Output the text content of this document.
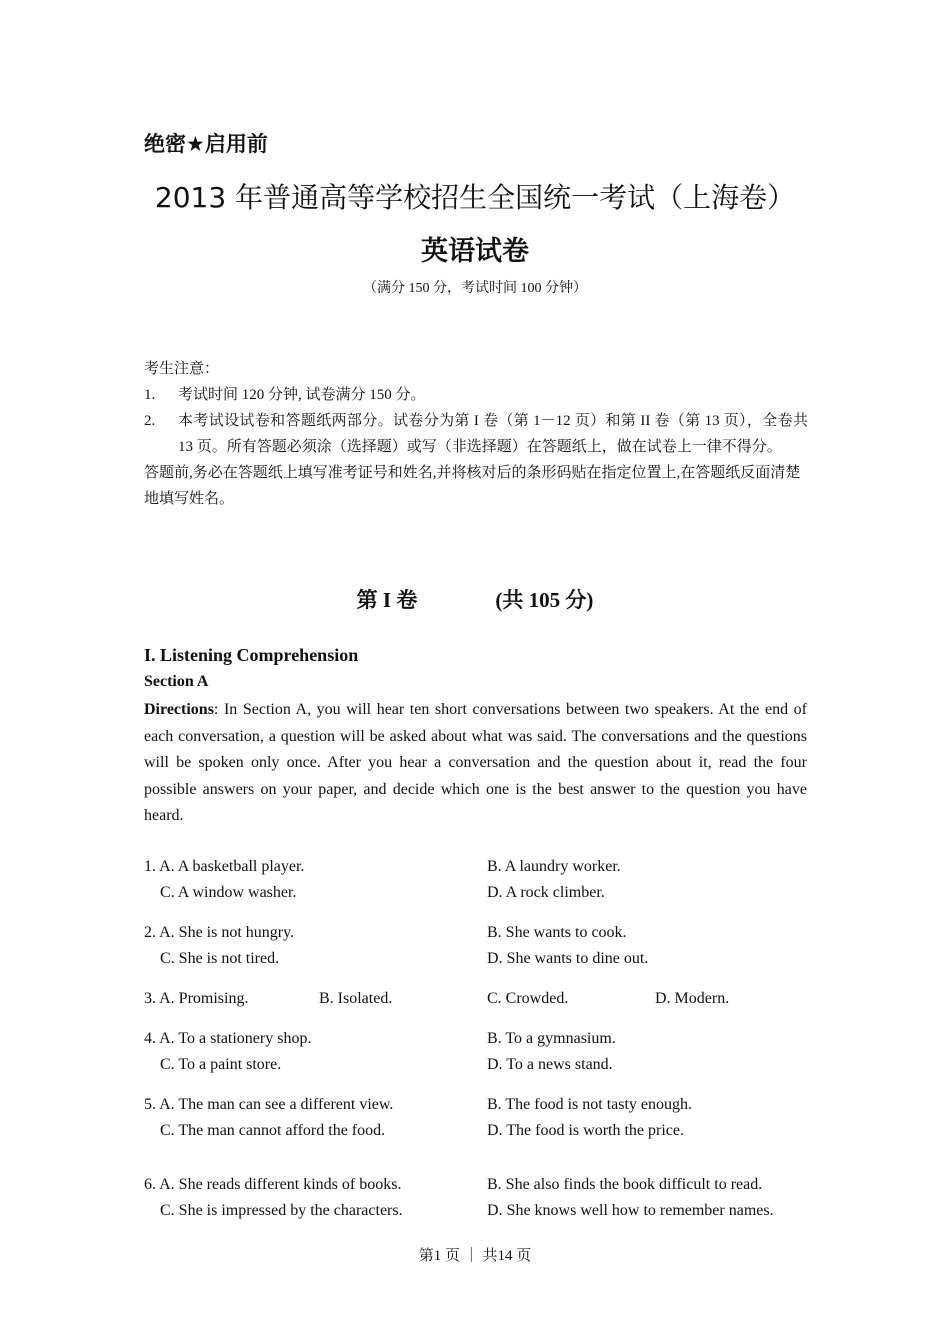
绝密★启用前
2013 年普通高等学校招生全国统一考试（上海卷）
英语试卷
（满分 150 分，考试时间 100 分钟）
考生注意：
1.	考试时间 120 分钟, 试卷满分 150 分。
2.	本考试设试卷和答题纸两部分。试卷分为第 I 卷（第 1－12 页）和第 II 卷（第 13 页），全卷共 13 页。所有答题必须涂（选择题）或写（非选择题）在答题纸上，做在试卷上一律不得分。
答题前,务必在答题纸上填写准考证号和姓名,并将核对后的条形码贴在指定位置上,在答题纸反面清楚地填写姓名。
第 I 卷	(共 105 分)
I. Listening Comprehension
Section A
Directions: In Section A, you will hear ten short conversations between two speakers. At the end of each conversation, a question will be asked about what was said. The conversations and the questions will be spoken only once. After you hear a conversation and the question about it, read the four possible answers on your paper, and decide which one is the best answer to the question you have heard.
1. A. A basketball player.	B. A laundry worker.
C. A window washer.	D. A rock climber.
2. A. She is not hungry.	B. She wants to cook.
C. She is not tired.	D. She wants to dine out.
3. A. Promising.	B. Isolated.	C. Crowded.	D. Modern.
4. A. To a stationery shop.	B. To a gymnasium.
C. To a paint store.	D. To a news stand.
5. A. The man can see a different view.	B. The food is not tasty enough.
C. The man cannot afford the food.	D. The food is worth the price.
6. A. She reads different kinds of books.	B. She also finds the book difficult to read.
C. She is impressed by the characters.	D. She knows well how to remember names.
第1 页 ｜ 共14 页
